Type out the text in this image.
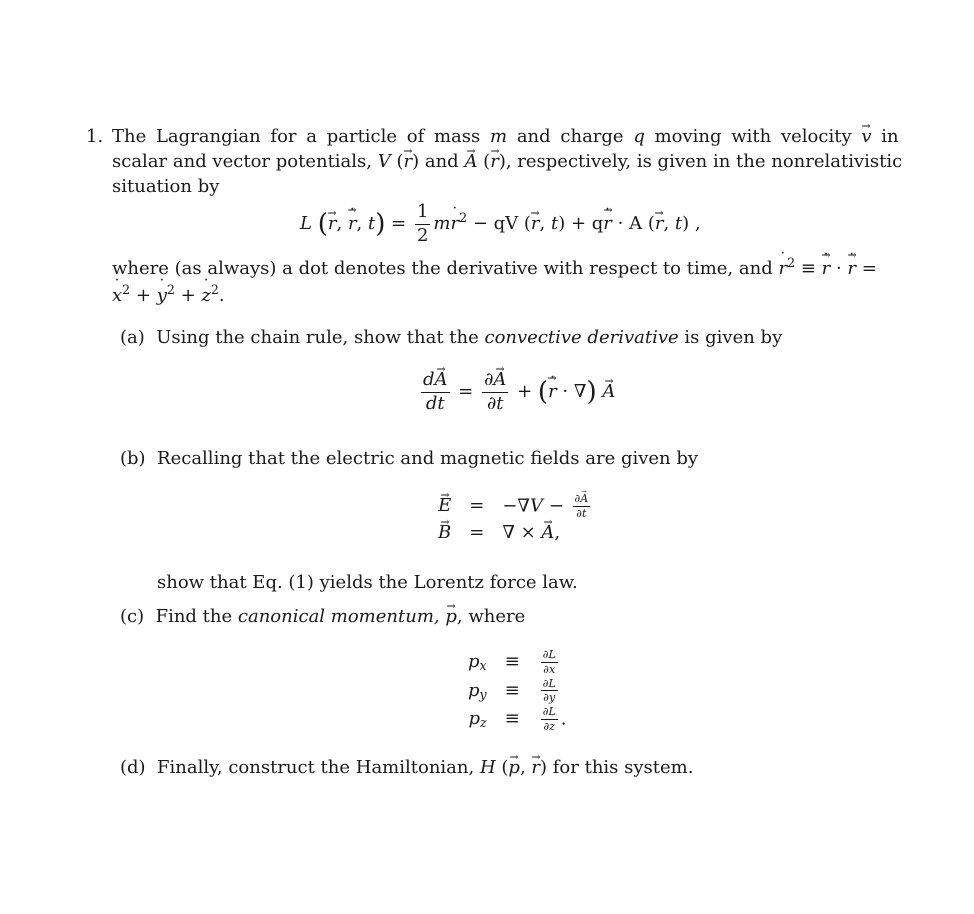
1. The Lagrangian for a particle of mass m and charge q moving with velocity → v in
scalar and vector potentials, V (→ r) and → A (→ r), respectively, is given in the nonrelativistic
situation by
L (→ r, → r ˙, $t) = \frac{1}{2}$ mr ˙$^2$ − qV (→ r, t) + q→ r ˙ · A (→ r, t) ,
where (as always) a dot denotes the derivative with respect to time, and r ˙$^2$ ≡ → r ˙ · → r ˙ =
x ˙$^2$ + y ˙$^2$ + z ˙$^2$.
(a) Using the chain rule, show that the convective derivative is given by
$\frac{d\to A}{dt} = \frac{\partial\to A}{\partial t}$ + (→ r ˙ · ∇) → A
(b) Recalling that the electric and magnetic fields are given by
→ E	=	$-\nabla V - \frac{\partial\to A}{\partial t}$

→ B	=	∇ × → A,
show that Eq. (1) yields the Lorentz force law.
(c) Find the canonical momentum, → p, where
$p_x$	≡	$\frac{\partial L}{\partial x}$ ˙

$p_y$	≡	$\frac{\partial L}{\partial y}$ ˙

$p_z$	≡	$\frac{\partial L}{\partial z}$ ˙ .
(d) Finally, construct the Hamiltonian, H (→ p, → r) for this system.
